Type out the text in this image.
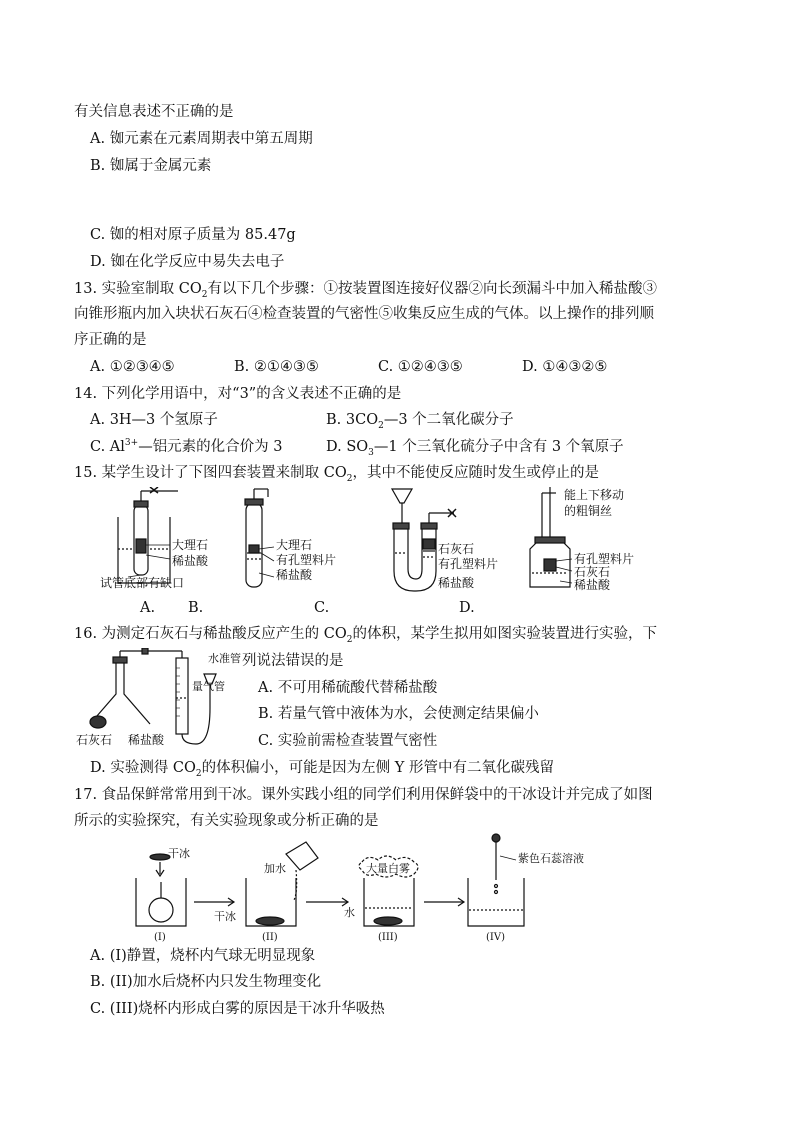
有关信息表述不正确的是
A. 铷元素在元素周期表中第五周期
B. 铷属于金属元素
C. 铷的相对原子质量为 85.47g
D. 铷在化学反应中易失去电子
13. 实验室制取 $CO_2$有以下几个步骤：①按装置图连接好仪器②向长颈漏斗中加入稀盐酸③
向锥形瓶内加入块状石灰石④检查装置的气密性⑤收集反应生成的气体。以上操作的排列顺
序正确的是
A. ①②③④⑤	B. ②①④③⑤	C. ①②④③⑤	D. ①④③②⑤
14. 下列化学用语中，对“3”的含义表述不正确的是
A. 3H—3 个氢原子	B. $3CO_2—3$ 个二氧化碳分子
C. $Al^{3+}—$铝元素的化合价为 3	D. $SO_3—1$ 个三氧化硫分子中含有 3 个氧原子
15. 某学生设计了下图四套装置来制取 $CO_2$，其中不能使反应随时发生或停止的是
大理石
稀盐酸
试管底部有缺口
大理石
有孔塑料片
稀盐酸
石灰石
有孔塑料片
稀盐酸
能上下移动
的粗铜丝
有孔塑料片
石灰石
稀盐酸
A. B.	C.	D.
16. 为测定石灰石与稀盐酸反应产生的 $CO_2$的体积，某学生拟用如图实验装置进行实验，下
列说法错误的是
水准管
量气管
石灰石 稀盐酸
A. 不可用稀硫酸代替稀盐酸
B. 若量气管中液体为水，会使测定结果偏小
C. 实验前需检查装置气密性
D. 实验测得 $CO_2$的体积偏小，可能是因为左侧 Y 形管中有二氧化碳残留
17. 食品保鲜常常用到干冰。课外实践小组的同学们利用保鲜袋中的干冰设计并完成了如图
所示的实验探究，有关实验现象或分析正确的是
干冰
加水
干冰
大量白雾
水
紫色石蕊溶液
(I)	(II)	(III)	(IV)
A. (I)静置，烧杯内气球无明显现象
B. (II)加水后烧杯内只发生物理变化
C. (III)烧杯内形成白雾的原因是干冰升华吸热
